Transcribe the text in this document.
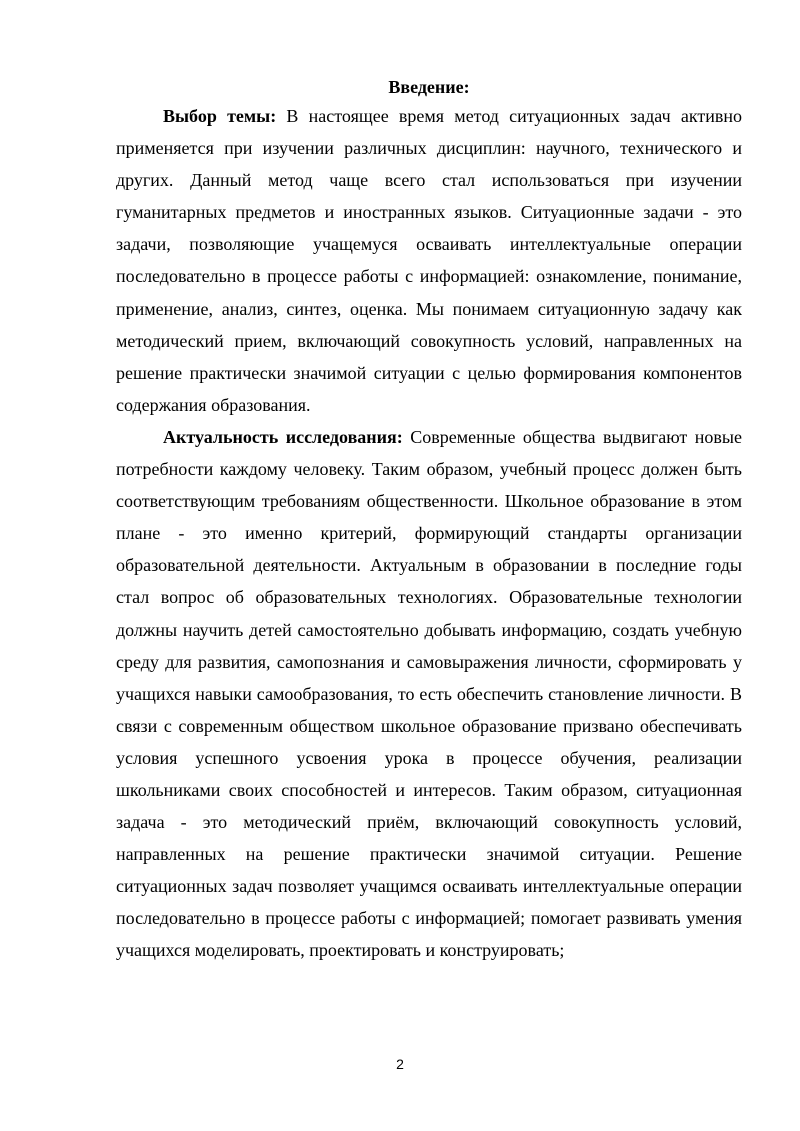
Введение:

Выбор темы: В настоящее время метод ситуационных задач активно применяется при изучении различных дисциплин: научного, технического и других. Данный метод чаще всего стал использоваться при изучении гуманитарных предметов и иностранных языков. Ситуационные задачи - это задачи, позволяющие учащемуся осваивать интеллектуальные операции последовательно в процессе работы с информацией: ознакомление, понимание, применение, анализ, синтез, оценка. Мы понимаем ситуационную задачу как методический прием, включающий совокупность условий, направленных на решение практически значимой ситуации с целью формирования компонентов содержания образования.

Актуальность исследования: Современные общества выдвигают новые потребности каждому человеку. Таким образом, учебный процесс должен быть соответствующим требованиям общественности. Школьное образование в этом плане - это именно критерий, формирующий стандарты организации образовательной деятельности. Актуальным в образовании в последние годы стал вопрос об образовательных технологиях. Образовательные технологии должны научить детей самостоятельно добывать информацию, создать учебную среду для развития, самопознания и самовыражения личности, сформировать у учащихся навыки самообразования, то есть обеспечить становление личности. В связи с современным обществом школьное образование призвано обеспечивать условия успешного усвоения урока в процессе обучения, реализации школьниками своих способностей и интересов. Таким образом, ситуационная задача - это методический приём, включающий совокупность условий, направленных на решение практически значимой ситуации. Решение ситуационных задач позволяет учащимся осваивать интеллектуальные операции последовательно в процессе работы с информацией; помогает развивать умения учащихся моделировать, проектировать и конструировать;

2
